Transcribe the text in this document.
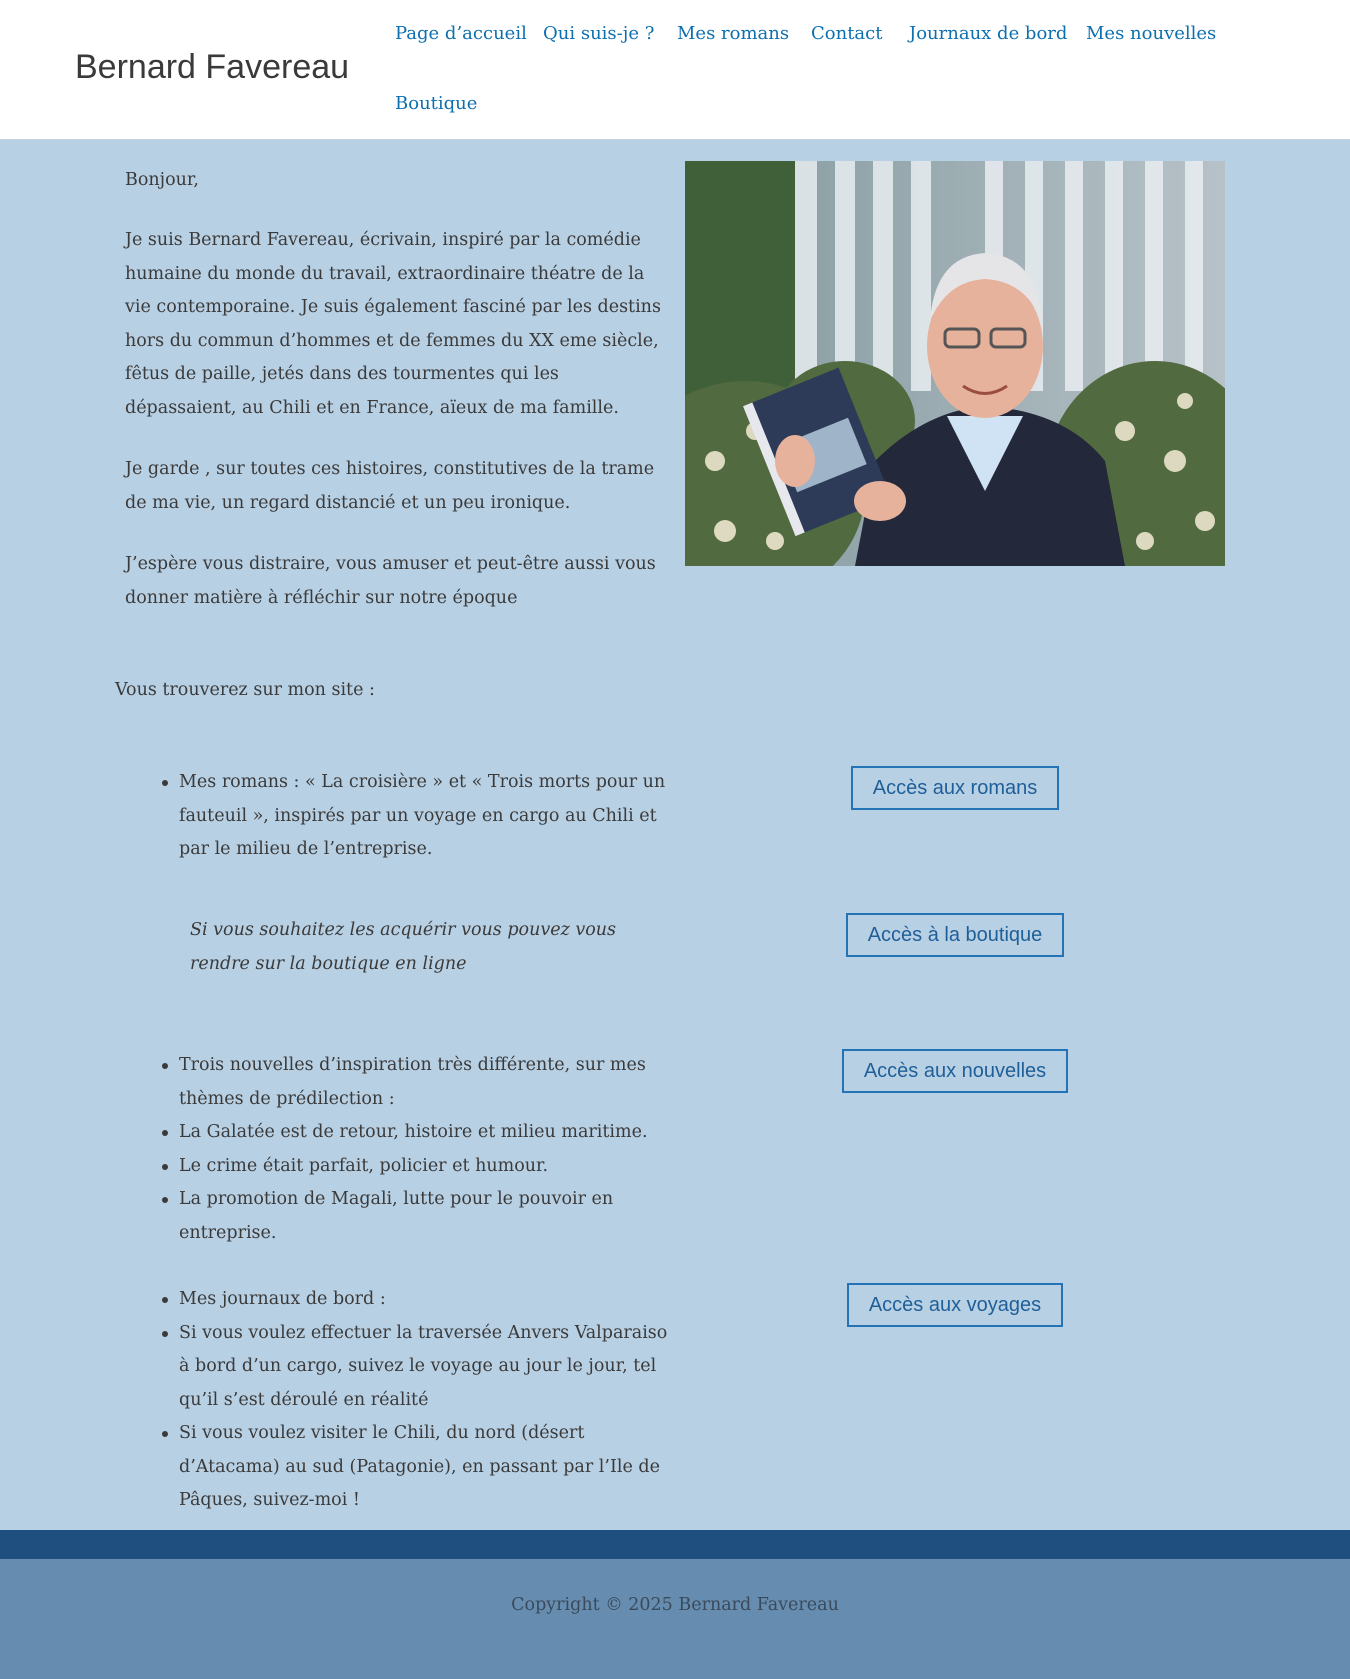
Bernard Favereau
Page d’accueil Qui suis-je ? Mes romans Contact Journaux de bord Mes nouvelles
Boutique
Bonjour,
Je suis Bernard Favereau, écrivain, inspiré par la comédie humaine du monde du travail, extraordinaire théatre de la vie contemporaine. Je suis également fasciné par les destins hors du commun d’hommes et de femmes du XX eme siècle, fêtus de paille, jetés dans des tourmentes qui les dépassaient, au Chili et en France, aïeux de ma famille.
Je garde , sur toutes ces histoires, constitutives de la trame de ma vie, un regard distancié et un peu ironique.
J’espère vous distraire, vous amuser et peut-être aussi vous donner matière à réfléchir sur notre époque
Vous trouverez sur mon site :
Mes romans : « La croisière » et « Trois morts pour un fauteuil », inspirés par un voyage en cargo au Chili et par le milieu de l’entreprise.
Accès aux romans
Si vous souhaitez les acquérir vous pouvez vous rendre sur la boutique en ligne
Accès à la boutique
Trois nouvelles d’inspiration très différente, sur mes thèmes de prédilection :
La Galatée est de retour, histoire et milieu maritime.
Le crime était parfait, policier et humour.
La promotion de Magali, lutte pour le pouvoir en entreprise.
Accès aux nouvelles
Mes journaux de bord :
Si vous voulez effectuer la traversée Anvers Valparaiso à bord d’un cargo, suivez le voyage au jour le jour, tel qu’il s’est déroulé en réalité
Si vous voulez visiter le Chili, du nord (désert d’Atacama) au sud (Patagonie), en passant par l’Ile de Pâques, suivez-moi !
Accès aux voyages
Copyright © 2025 Bernard Favereau
